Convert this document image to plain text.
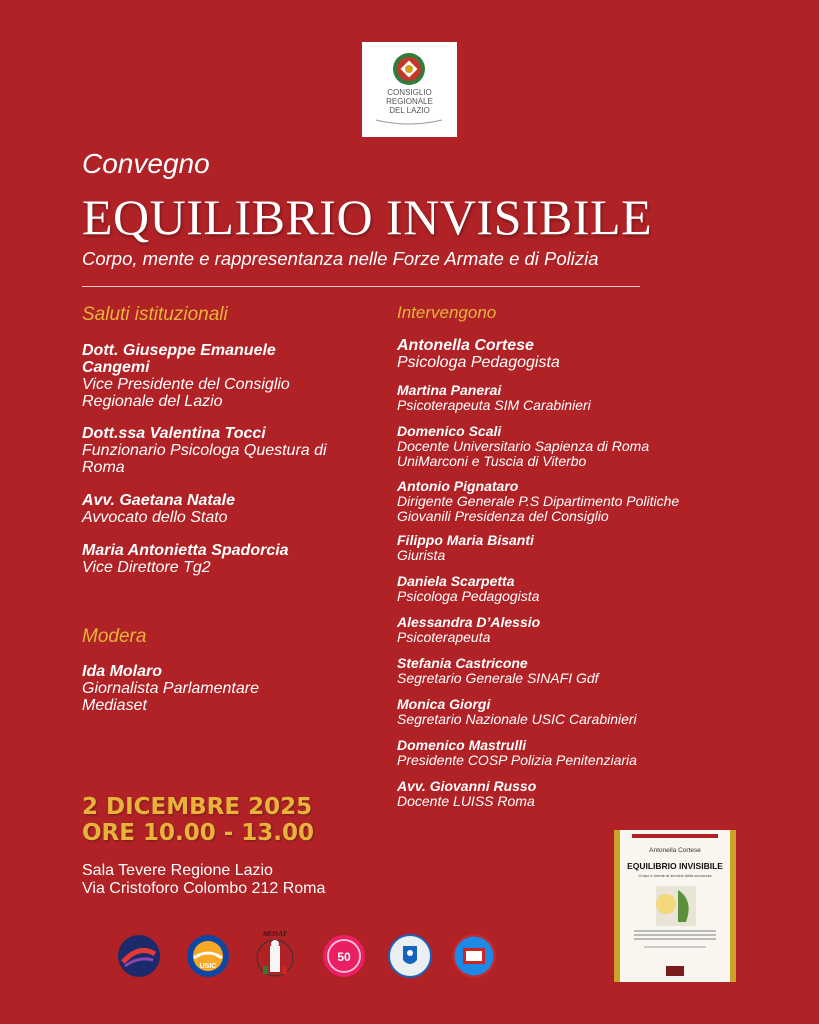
CONSIGLIO
REGIONALE
DEL LAZIO
Convegno
EQUILIBRIO INVISIBILE
Corpo, mente e rappresentanza nelle Forze Armate e di Polizia
Saluti istituzionali
Dott. Giuseppe Emanuele
Cangemi
Vice Presidente del Consiglio
Regionale del Lazio
Dott.ssa Valentina Tocci
Funzionario Psicologa Questura di
Roma
Avv. Gaetana Natale
Avvocato dello Stato
Maria Antonietta Spadorcia
Vice Direttore Tg2
Modera
Ida Molaro
Giornalista Parlamentare
Mediaset
Intervengono
Antonella Cortese
Psicologa Pedagogista
Martina Panerai
Psicoterapeuta SIM Carabinieri
Domenico Scali
Docente Universitario Sapienza di Roma
UniMarconi e Tuscia di Viterbo
Antonio Pignataro
Dirigente Generale P.S Dipartimento Politiche
Giovanili Presidenza del Consiglio
Filippo Maria Bisanti
Giurista
Daniela Scarpetta
Psicologa Pedagogista
Alessandra D’Alessio
Psicoterapeuta
Stefania Castricone
Segretario Generale SINAFI Gdf
Monica Giorgi
Segretario Nazionale USIC Carabinieri
Domenico Mastrulli
Presidente COSP Polizia Penitenziaria
Avv. Giovanni Russo
Docente LUISS Roma
2 DICEMBRE 2025
ORE 10.00 - 13.00
Sala Tevere Regione Lazio
Via Cristoforo Colombo 212 Roma
USIC
MOSAP
50
Antonella Cortese
EQUILIBRIO INVISIBILE
Corpo e mente al servizio della sicurezza
